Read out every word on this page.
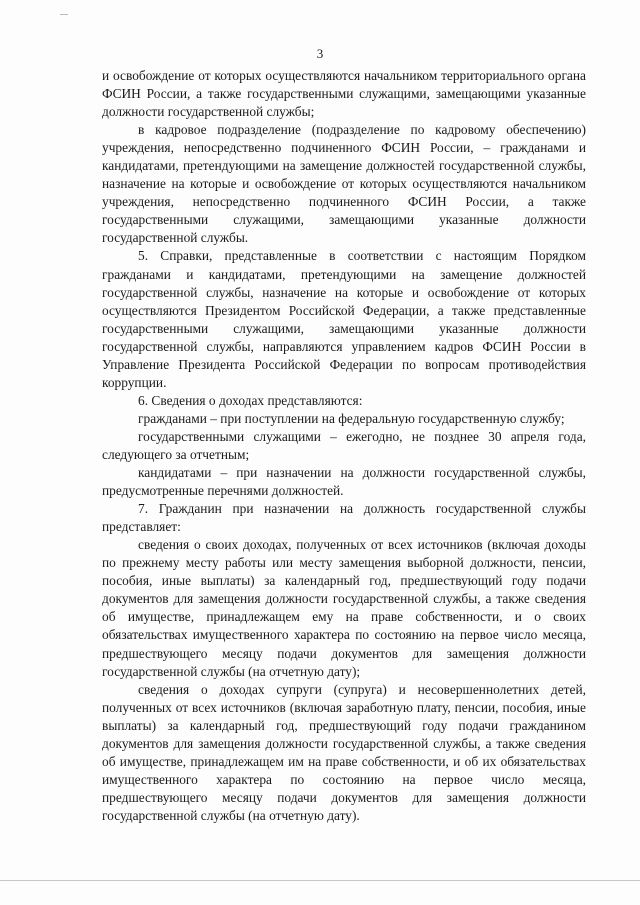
3

и освобождение от которых осуществляются начальником территориального органа ФСИН России, а также государственными служащими, замещающими указанные должности государственной службы;

в кадровое подразделение (подразделение по кадровому обеспечению) учреждения, непосредственно подчиненного ФСИН России, – гражданами и кандидатами, претендующими на замещение должностей государственной службы, назначение на которые и освобождение от которых осуществляются начальником учреждения, непосредственно подчиненного ФСИН России, а также государственными служащими, замещающими указанные должности государственной службы.

5. Справки, представленные в соответствии с настоящим Порядком гражданами и кандидатами, претендующими на замещение должностей государственной службы, назначение на которые и освобождение от которых осуществляются Президентом Российской Федерации, а также представленные государственными служащими, замещающими указанные должности государственной службы, направляются управлением кадров ФСИН России в Управление Президента Российской Федерации по вопросам противодействия коррупции.

6. Сведения о доходах представляются:

гражданами – при поступлении на федеральную государственную службу;

государственными служащими – ежегодно, не позднее 30 апреля года, следующего за отчетным;

кандидатами – при назначении на должности государственной службы, предусмотренные перечнями должностей.

7. Гражданин при назначении на должность государственной службы представляет:

сведения о своих доходах, полученных от всех источников (включая доходы по прежнему месту работы или месту замещения выборной должности, пенсии, пособия, иные выплаты) за календарный год, предшествующий году подачи документов для замещения должности государственной службы, а также сведения об имуществе, принадлежащем ему на праве собственности, и о своих обязательствах имущественного характера по состоянию на первое число месяца, предшествующего месяцу подачи документов для замещения должности государственной службы (на отчетную дату);

сведения о доходах супруги (супруга) и несовершеннолетних детей, полученных от всех источников (включая заработную плату, пенсии, пособия, иные выплаты) за календарный год, предшествующий году подачи гражданином документов для замещения должности государственной службы, а также сведения об имуществе, принадлежащем им на праве собственности, и об их обязательствах имущественного характера по состоянию на первое число месяца, предшествующего месяцу подачи документов для замещения должности государственной службы (на отчетную дату).
